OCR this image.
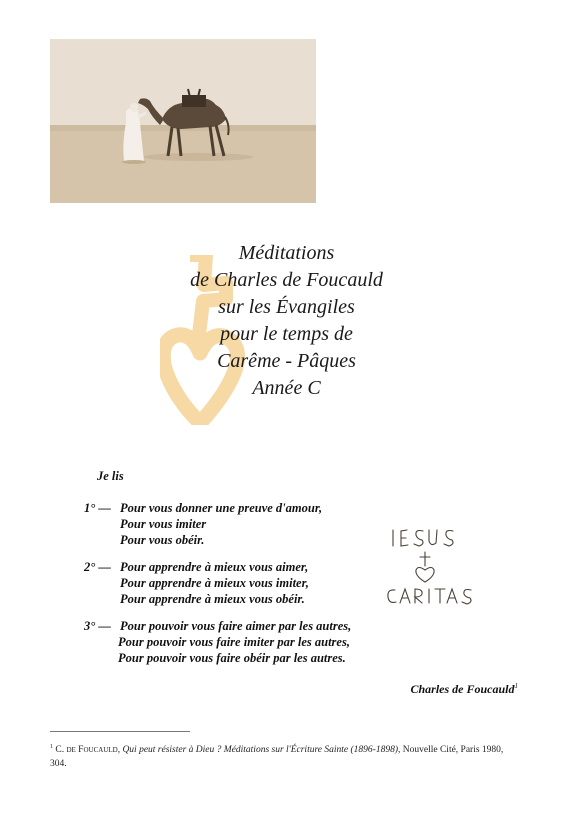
Méditations
de Charles de Foucauld
sur les Évangiles
pour le temps de
Carême - Pâques
Année C
Je lis
1° — Pour vous donner une preuve d'amour,
Pour vous imiter
Pour vous obéir.
2° — Pour apprendre à mieux vous aimer,
Pour apprendre à mieux vous imiter,
Pour apprendre à mieux vous obéir.
3° — Pour pouvoir vous faire aimer par les autres,
Pour pouvoir vous faire imiter par les autres,
Pour pouvoir vous faire obéir par les autres.
Charles de Foucauld$^1$
$^1$ C. de Foucauld, Qui peut résister à Dieu ? Méditations sur l'Écriture Sainte (1896-1898), Nouvelle Cité, Paris 1980, 304.
